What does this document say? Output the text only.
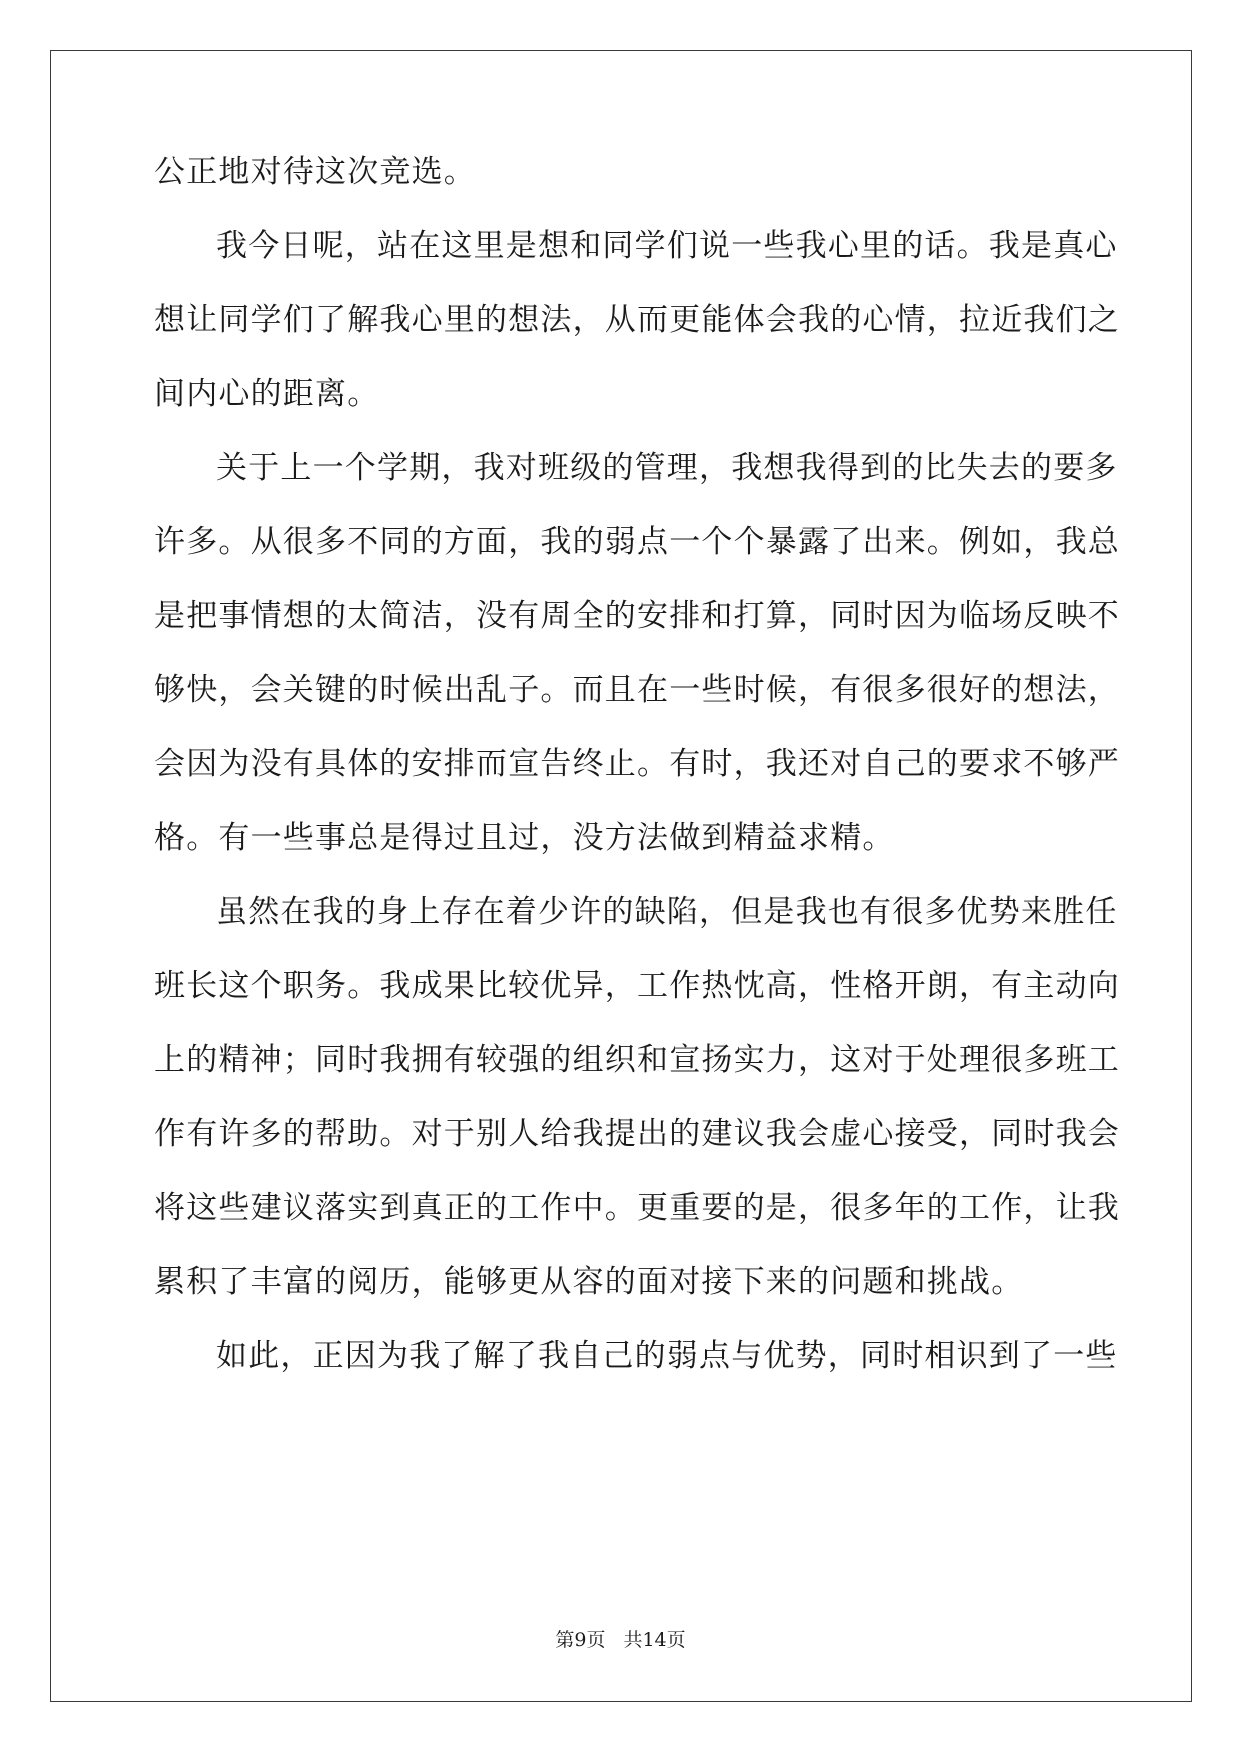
公正地对待这次竞选。
我今日呢，站在这里是想和同学们说一些我心里的话。我是真心
想让同学们了解我心里的想法，从而更能体会我的心情，拉近我们之
间内心的距离。
关于上一个学期，我对班级的管理，我想我得到的比失去的要多
许多。从很多不同的方面，我的弱点一个个暴露了出来。例如，我总
是把事情想的太简洁，没有周全的安排和打算，同时因为临场反映不
够快，会关键的时候出乱子。而且在一些时候，有很多很好的想法，
会因为没有具体的安排而宣告终止。有时，我还对自己的要求不够严
格。有一些事总是得过且过，没方法做到精益求精。
虽然在我的身上存在着少许的缺陷，但是我也有很多优势来胜任
班长这个职务。我成果比较优异，工作热忱高，性格开朗，有主动向
上的精神；同时我拥有较强的组织和宣扬实力，这对于处理很多班工
作有许多的帮助。对于别人给我提出的建议我会虚心接受，同时我会
将这些建议落实到真正的工作中。更重要的是，很多年的工作，让我
累积了丰富的阅历，能够更从容的面对接下来的问题和挑战。
如此，正因为我了解了我自己的弱点与优势，同时相识到了一些
第9页 共14页
